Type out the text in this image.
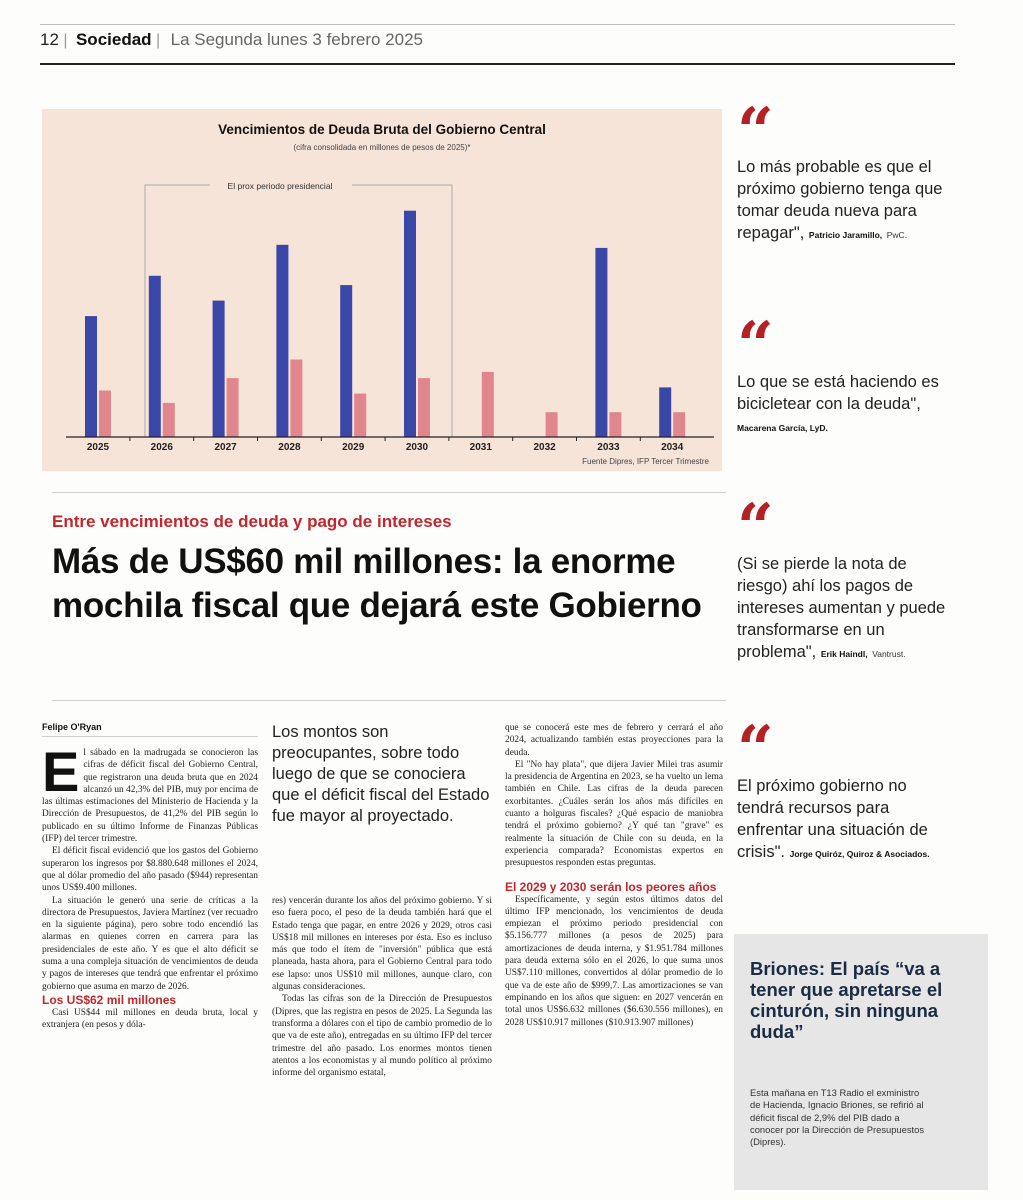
12 | Sociedad | La Segunda lunes 3 febrero 2025
Vencimientos de Deuda Bruta del Gobierno Central
(cifra consolidada en millones de pesos de 2025)*
El prox periodo presidencial
2025	2026	2027	2028	2029	2030	2031	2032	2033	2034
Fuente Dipres, IFP Tercer Trimestre
Entre vencimientos de deuda y pago de intereses
Más de US$60 mil millones: la enorme mochila fiscal que dejará este Gobierno
Felipe O'Ryan

El sábado en la madrugada se conocieron las cifras de déficit fiscal del Gobierno Central, que registraron una deuda bruta que en 2024 alcanzó un 42,3% del PIB, muy por encima de las últimas estimaciones del Ministerio de Hacienda y la Dirección de Presupuestos, de 41,2% del PIB según lo publicado en su último Informe de Finanzas Públicas (IFP) del tercer trimestre.

El déficit fiscal evidenció que los gastos del Gobierno superaron los ingresos por $8.880.648 millones el 2024, que al dólar promedio del año pasado ($944) representan unos US$9.400 millones.

La situación le generó una serie de críticas a la directora de Presupuestos, Javiera Martínez (ver recuadro en la siguiente página), pero sobre todo encendió las alarmas en quienes corren en carrera para las presidenciales de este año. Y es que el alto déficit se suma a una compleja situación de vencimientos de deuda y pagos de intereses que tendrá que enfrentar el próximo gobierno que asuma en marzo de 2026.

Los US$62 mil millones

Casi US$44 mil millones en deuda bruta, local y extranjera (en pesos y dóla-

Los montos son preocupantes, sobre todo luego de que se conociera que el déficit fiscal del Estado fue mayor al proyectado.

res) vencerán durante los años del próximo gobierno. Y si eso fuera poco, el peso de la deuda también hará que el Estado tenga que pagar, en entre 2026 y 2029, otros casi US$18 mil millones en intereses por ésta. Eso es incluso más que todo el ítem de "inversión" pública que está planeada, hasta ahora, para el Gobierno Central para todo ese lapso: unos US$10 mil millones, aunque claro, con algunas consideraciones.

Todas las cifras son de la Dirección de Presupuestos (Dipres, que las registra en pesos de 2025. La Segunda las transforma a dólares con el tipo de cambio promedio de lo que va de este año), entregadas en su último IFP del tercer trimestre del año pasado. Los enormes montos tienen atentos a los economistas y al mundo político al próximo informe del organismo estatal,

que se conocerá este mes de febrero y cerrará el año 2024, actualizando también estas proyecciones para la deuda.

El "No hay plata", que dijera Javier Milei tras asumir la presidencia de Argentina en 2023, se ha vuelto un lema también en Chile. Las cifras de la deuda parecen exorbitantes. ¿Cuáles serán los años más difíciles en cuanto a holguras fiscales? ¿Qué espacio de maniobra tendrá el próximo gobierno? ¿Y qué tan "grave" es realmente la situación de Chile con su deuda, en la experiencia comparada? Economistas expertos en presupuestos responden estas preguntas.

El 2029 y 2030 serán los peores años

Específicamente, y según estos últimos datos del último IFP mencionado, los vencimientos de deuda empiezan el próximo periodo presidencial con $5.156.777 millones (a pesos de 2025) para amortizaciones de deuda interna, y $1.951.784 millones para deuda externa sólo en el 2026, lo que suma unos US$7.110 millones, convertidos al dólar promedio de lo que va de este año de $999,7. Las amortizaciones se van empinando en los años que siguen: en 2027 vencerán en total unos US$6.632 millones ($6.630.556 millones), en 2028 US$10.917 millones ($10.913.907 millones)

“
Lo más probable es que el próximo gobierno tenga que tomar deuda nueva para repagar", Patricio Jaramillo, PwC.
“
Lo que se está haciendo es bicicletear con la deuda", Macarena García, LyD.
“
(Si se pierde la nota de riesgo) ahí los pagos de intereses aumentan y puede transformarse en un problema", Erik Haindl, Vantrust.
“
El próximo gobierno no tendrá recursos para enfrentar una situación de crisis". Jorge Quiróz, Quiroz & Asociados.
Briones: El país “va a tener que apretarse el cinturón, sin ninguna duda”
Esta mañana en T13 Radio el exministro de Hacienda, Ignacio Briones, se refirió al déficit fiscal de 2,9% del PIB dado a conocer por la Dirección de Presupuestos (Dipres).
